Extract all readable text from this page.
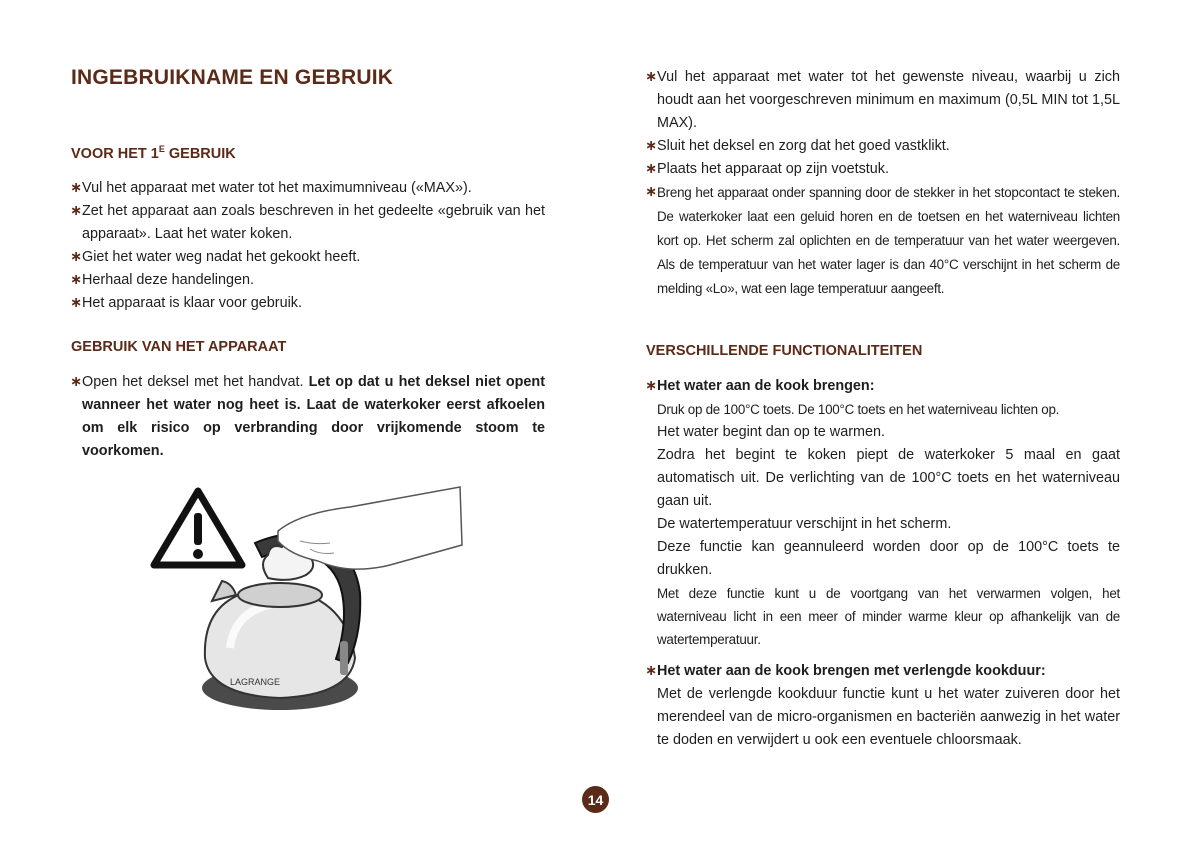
INGEBRUIKNAME EN GEBRUIK
VOOR HET $1^E$ GEBRUIK
∗ Vul het apparaat met water tot het maximumniveau («MAX»).
∗ Zet het apparaat aan zoals beschreven in het gedeelte «gebruik van het apparaat». Laat het water koken.
∗ Giet het water weg nadat het gekookt heeft.
∗ Herhaal deze handelingen.
∗ Het apparaat is klaar voor gebruik.
GEBRUIK VAN HET APPARAAT
∗ Open het deksel met het handvat. Let op dat u het deksel niet opent wanneer het water nog heet is. Laat de waterkoker eerst afkoelen om elk risico op verbranding door vrijkomende stoom te voorkomen.
LAGRANGE
∗ Vul het apparaat met water tot het gewenste niveau, waarbij u zich houdt aan het voorgeschreven minimum en maximum (0,5L MIN tot 1,5L MAX).
∗ Sluit het deksel en zorg dat het goed vastklikt.
∗ Plaats het apparaat op zijn voetstuk.
∗ Breng het apparaat onder spanning door de stekker in het stopcontact te steken. De waterkoker laat een geluid horen en de toetsen en het waterniveau lichten kort op. Het scherm zal oplichten en de temperatuur van het water weergeven. Als de temperatuur van het water lager is dan 40°C verschijnt in het scherm de melding «Lo», wat een lage temperatuur aangeeft.
VERSCHILLENDE FUNCTIONALITEITEN
∗ Het water aan de kook brengen:

Druk op de 100°C toets. De 100°C toets en het waterniveau lichten op.

Het water begint dan op te warmen.

Zodra het begint te koken piept de waterkoker 5 maal en gaat automatisch uit. De verlichting van de 100°C toets en het waterniveau gaan uit.

De watertemperatuur verschijnt in het scherm.

Deze functie kan geannuleerd worden door op de 100°C toets te drukken.

Met deze functie kunt u de voortgang van het verwarmen volgen, het waterniveau licht in een meer of minder warme kleur op afhankelijk van de watertemperatuur.

∗ Het water aan de kook brengen met verlengde kookduur:

Met de verlengde kookduur functie kunt u het water zuiveren door het merendeel van de micro-organismen en bacteriën aanwezig in het water te doden en verwijdert u ook een eventuele chloorsmaak.

14
